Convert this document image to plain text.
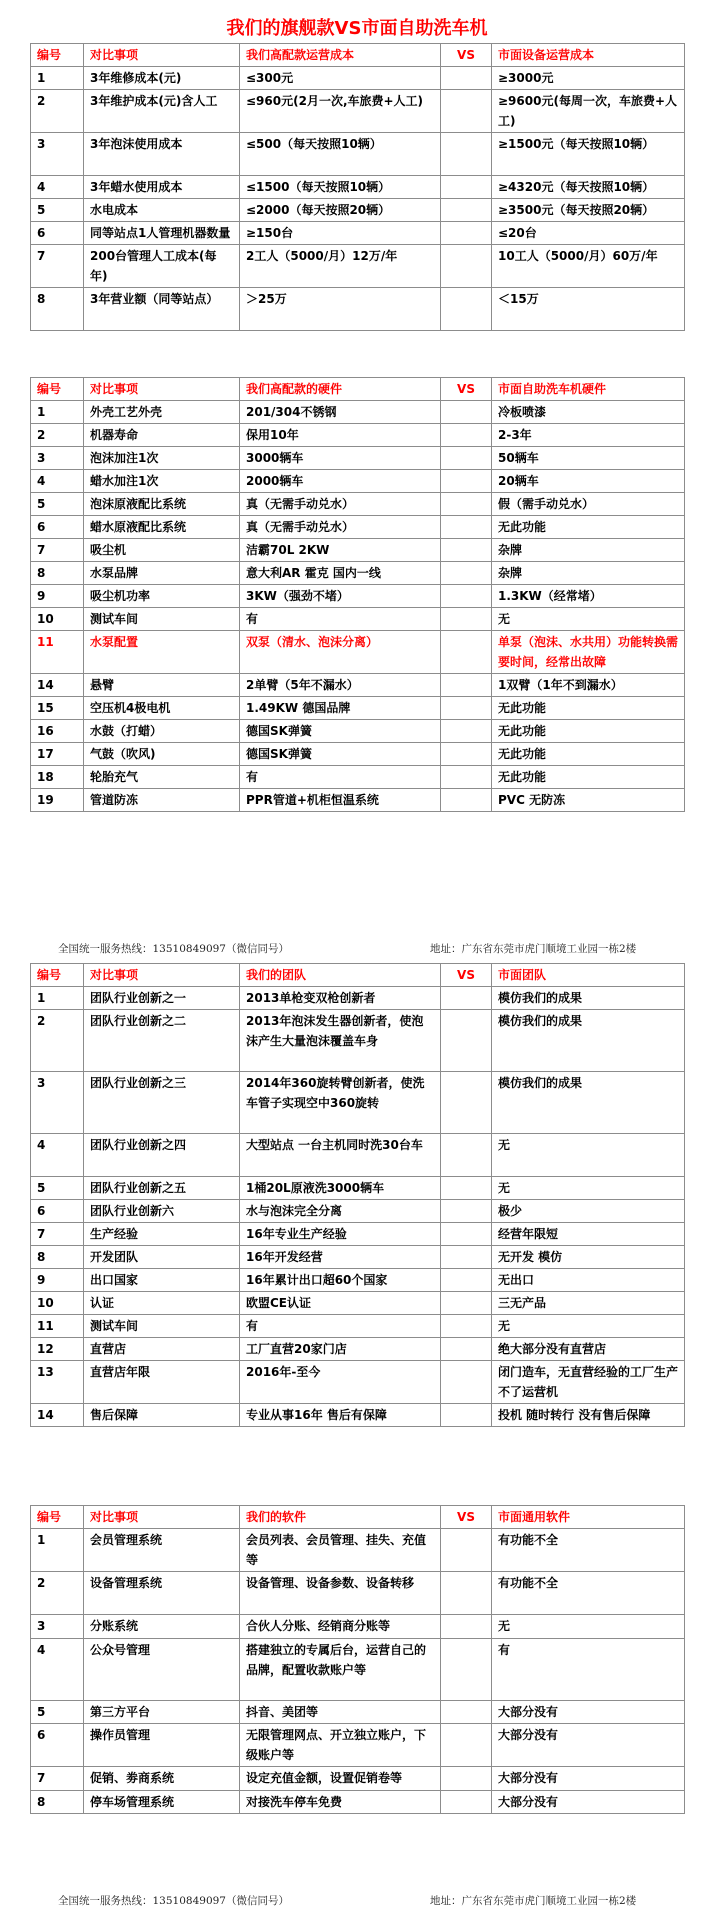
我们的旗舰款VS市面自助洗车机
编号	对比事项	我们高配款运营成本	VS	市面设备运营成本
1	3年维修成本(元)	≤300元		≥3000元
2	3年维护成本(元)含人工	≤960元(2月一次,车旅费+人工)		≥9600元(每周一次，车旅费+人工)
3	3年泡沫使用成本	≤500（每天按照10辆）		≥1500元（每天按照10辆）
4	3年蜡水使用成本	≤1500（每天按照10辆）		≥4320元（每天按照10辆）
5	水电成本	≤2000（每天按照20辆）		≥3500元（每天按照20辆）
6	同等站点1人管理机器数量	≥150台		≤20台
7	200台管理人工成本(每年)	2工人（5000/月）12万/年		10工人（5000/月）60万/年
8	3年营业额（同等站点）	＞25万		＜15万
编号	对比事项	我们高配款的硬件	VS	市面自助洗车机硬件
1	外壳工艺外壳	201/304不锈钢		冷板喷漆
2	机器寿命	保用10年		2-3年
3	泡沫加注1次	3000辆车		50辆车
4	蜡水加注1次	2000辆车		20辆车
5	泡沫原液配比系统	真（无需手动兑水）		假（需手动兑水）
6	蜡水原液配比系统	真（无需手动兑水）		无此功能
7	吸尘机	洁霸70L 2KW		杂牌
8	水泵品牌	意大利AR 霍克 国内一线		杂牌
9	吸尘机功率	3KW（强劲不堵）		1.3KW（经常堵）
10	测试车间	有		无
11	水泵配置	双泵（清水、泡沫分离）		单泵（泡沫、水共用）功能转换需要时间，经常出故障
14	悬臂	2单臂（5年不漏水）		1双臂（1年不到漏水）
15	空压机4极电机	1.49KW 德国品牌		无此功能
16	水鼓（打蜡）	德国SK弹簧		无此功能
17	气鼓（吹风)	德国SK弹簧		无此功能
18	轮胎充气	有		无此功能
19	管道防冻	PPR管道+机柜恒温系统		PVC 无防冻
全国统一服务热线：13510849097（微信同号）	地址：广东省东莞市虎门顺境工业园一栋2楼
编号	对比事项	我们的团队	VS	市面团队
1	团队行业创新之一	2013单枪变双枪创新者		模仿我们的成果
2	团队行业创新之二	2013年泡沫发生器创新者，使泡沫产生大量泡沫覆盖车身		模仿我们的成果
3	团队行业创新之三	2014年360旋转臂创新者，使洗车管子实现空中360旋转		模仿我们的成果
4	团队行业创新之四	大型站点 一台主机同时洗30台车		无
5	团队行业创新之五	1桶20L原液洗3000辆车		无
6	团队行业创新六	水与泡沫完全分离		极少
7	生产经验	16年专业生产经验		经营年限短
8	开发团队	16年开发经营		无开发 模仿
9	出口国家	16年累计出口超60个国家		无出口
10	认证	欧盟CE认证		三无产品
11	测试车间	有		无
12	直营店	工厂直营20家门店		绝大部分没有直营店
13	直营店年限	2016年-至今		闭门造车，无直营经验的工厂生产不了运营机
14	售后保障	专业从事16年 售后有保障		投机 随时转行 没有售后保障
编号	对比事项	我们的软件	VS	市面通用软件
1	会员管理系统	会员列表、会员管理、挂失、充值等		有功能不全
2	设备管理系统	设备管理、设备参数、设备转移		有功能不全
3	分账系统	合伙人分账、经销商分账等		无
4	公众号管理	搭建独立的专属后台，运营自己的品牌，配置收款账户等		有
5	第三方平台	抖音、美团等		大部分没有
6	操作员管理	无限管理网点、开立独立账户，下级账户等		大部分没有
7	促销、劵商系统	设定充值金额，设置促销卷等		大部分没有
8	停车场管理系统	对接洗车停车免费		大部分没有
全国统一服务热线：13510849097（微信同号）	地址：广东省东莞市虎门顺境工业园一栋2楼
